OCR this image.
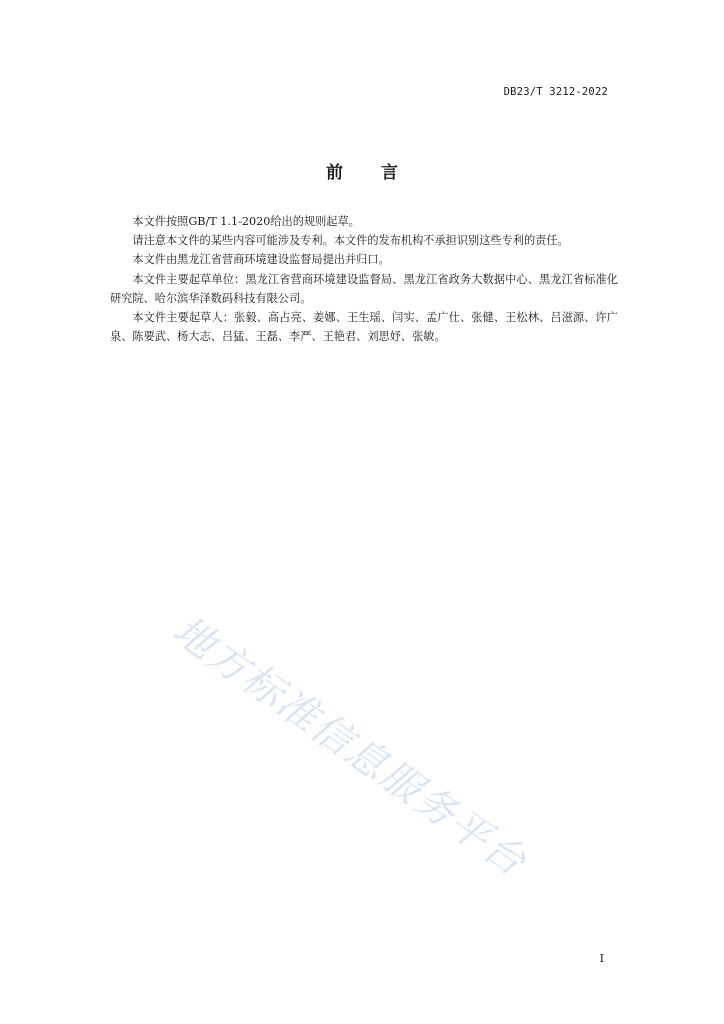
DB23/T 3212-2022
前言

本文件按照GB/T 1.1-2020给出的规则起草。

请注意本文件的某些内容可能涉及专利。本文件的发布机构不承担识别这些专利的责任。

本文件由黑龙江省营商环境建设监督局提出并归口。

本文件主要起草单位：黑龙江省营商环境建设监督局、黑龙江省政务大数据中心、黑龙江省标准化研究院、哈尔滨华泽数码科技有限公司。

本文件主要起草人：张毅、高占亮、姜娜、王生瑶、闫实、孟广仕、张健、王松林、吕滋源、许广泉、陈要武、杨大志、吕猛、王磊、李严、王艳君、刘思妤、张敏。

地方标准信息服务平台
I
